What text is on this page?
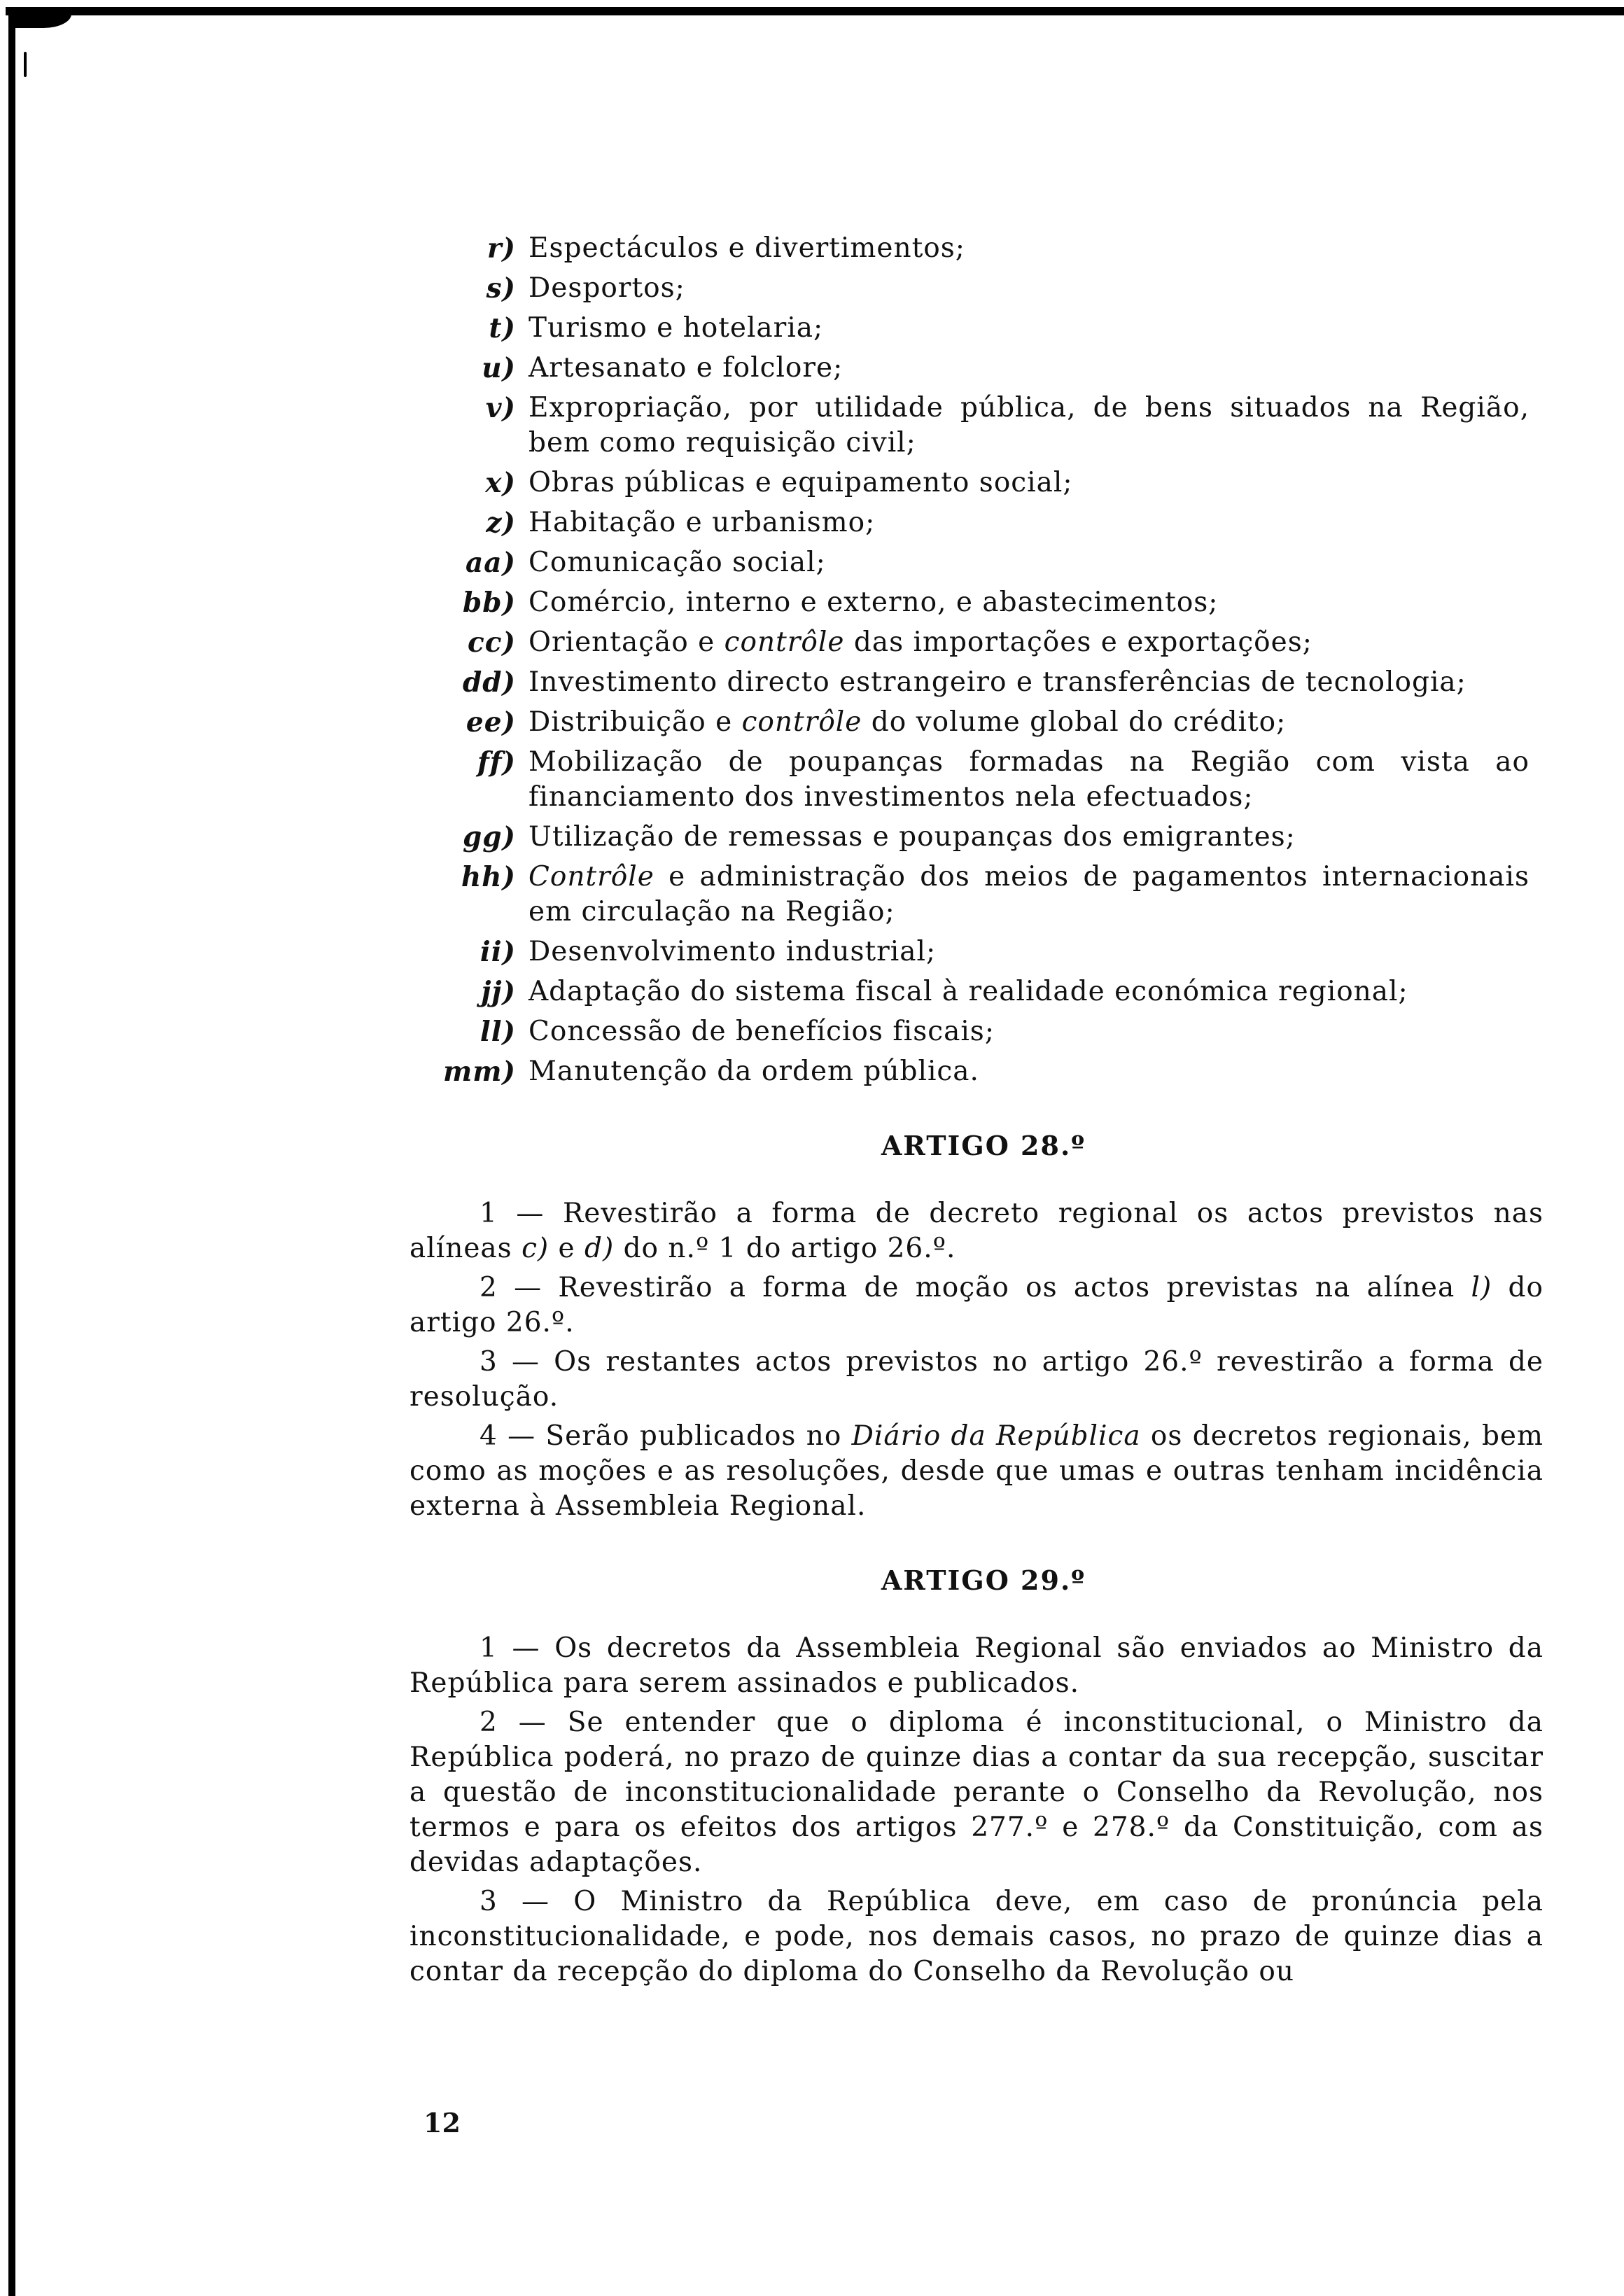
r) Espectáculos e divertimentos;
s) Desportos;
t) Turismo e hotelaria;
u) Artesanato e folclore;
v) Expropriação, por utilidade pública, de bens situados na Região, bem como requisição civil;
x) Obras públicas e equipamento social;
z) Habitação e urbanismo;
aa) Comunicação social;
bb) Comércio, interno e externo, e abastecimentos;
cc) Orientação e contrôle das importações e exportações;
dd) Investimento directo estrangeiro e transferências de tecnologia;
ee) Distribuição e contrôle do volume global do crédito;
ff) Mobilização de poupanças formadas na Região com vista ao financiamento dos investimentos nela efectuados;
gg) Utilização de remessas e poupanças dos emigrantes;
hh) Contrôle e administração dos meios de pagamentos internacionais em circulação na Região;
ii) Desenvolvimento industrial;
jj) Adaptação do sistema fiscal à realidade económica regional;
ll) Concessão de benefícios fiscais;
mm) Manutenção da ordem pública.
ARTIGO 28.º

1 — Revestirão a forma de decreto regional os actos previstos nas alíneas c) e d) do n.º 1 do artigo 26.º.

2 — Revestirão a forma de moção os actos previstas na alínea l) do artigo 26.º.

3 — Os restantes actos previstos no artigo 26.º revestirão a forma de resolução.

4 — Serão publicados no Diário da República os decretos regionais, bem como as moções e as resoluções, desde que umas e outras tenham incidência externa à Assembleia Regional.

ARTIGO 29.º

1 — Os decretos da Assembleia Regional são enviados ao Ministro da República para serem assinados e publicados.

2 — Se entender que o diploma é inconstitucional, o Ministro da República poderá, no prazo de quinze dias a contar da sua recepção, suscitar a questão de inconstitucionalidade perante o Conselho da Revolução, nos termos e para os efeitos dos artigos 277.º e 278.º da Constituição, com as devidas adaptações.

3 — O Ministro da República deve, em caso de pronúncia pela inconstitucionalidade, e pode, nos demais casos, no prazo de quinze dias a contar da recepção do diploma do Conselho da Revolução ou

12
